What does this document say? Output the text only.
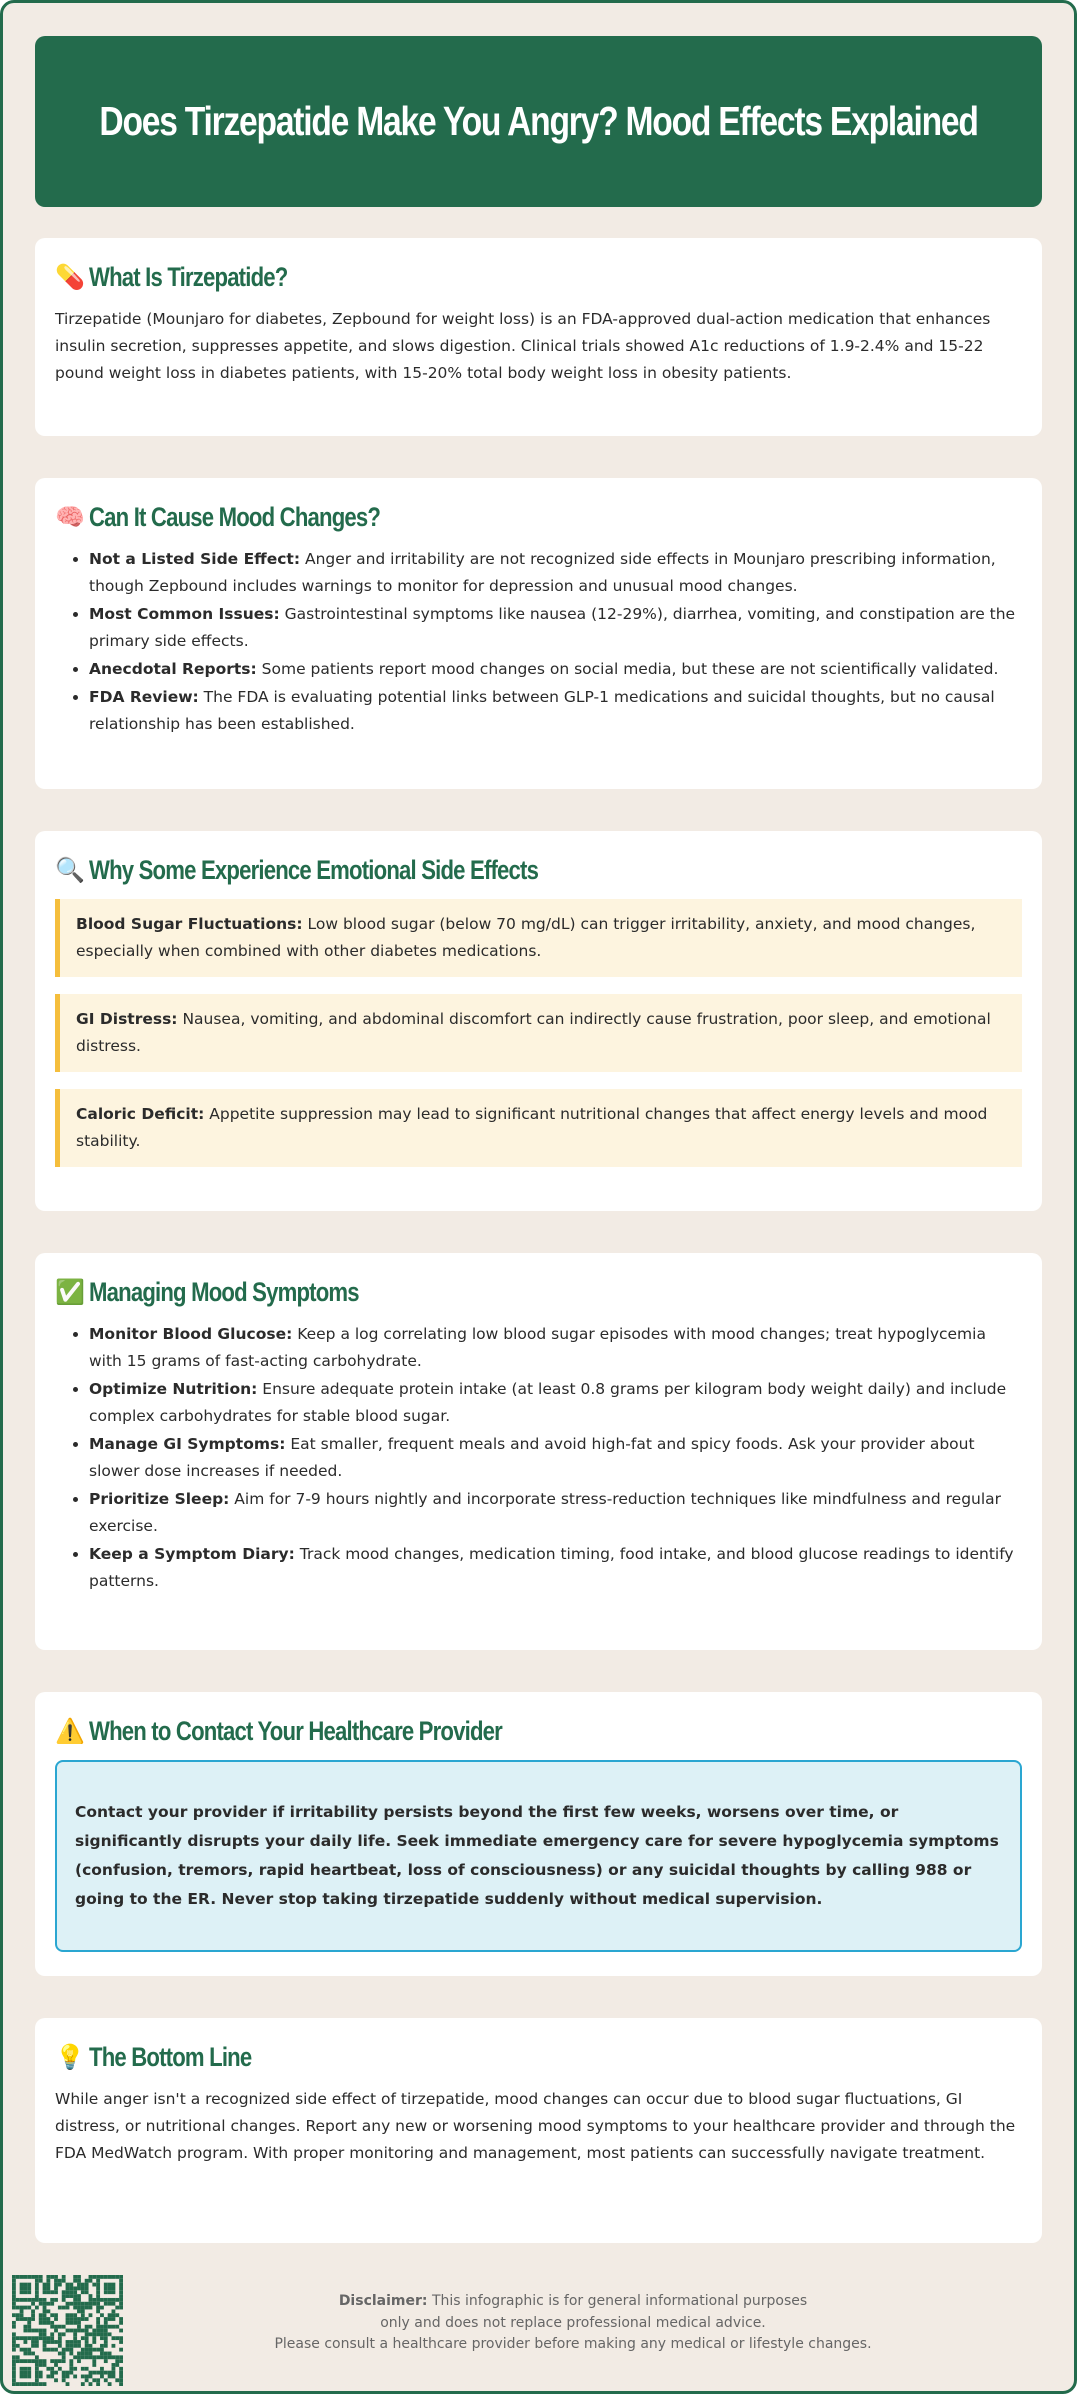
Does Tirzepatide Make You Angry? Mood Effects Explained
💊 What Is Tirzepatide?

Tirzepatide (Mounjaro for diabetes, Zepbound for weight loss) is an FDA-approved dual-action medication that enhances insulin secretion, suppresses appetite, and slows digestion. Clinical trials showed A1c reductions of 1.9-2.4% and 15-22 pound weight loss in diabetes patients, with 15-20% total body weight loss in obesity patients.

🧠 Can It Cause Mood Changes?
• Not a Listed Side Effect: Anger and irritability are not recognized side effects in Mounjaro prescribing information, though Zepbound includes warnings to monitor for depression and unusual mood changes.
• Most Common Issues: Gastrointestinal symptoms like nausea (12-29%), diarrhea, vomiting, and constipation are the primary side effects.
• Anecdotal Reports: Some patients report mood changes on social media, but these are not scientifically validated.
• FDA Review: The FDA is evaluating potential links between GLP-1 medications and suicidal thoughts, but no causal relationship has been established.
🔍 Why Some Experience Emotional Side Effects
Blood Sugar Fluctuations: Low blood sugar (below 70 mg/dL) can trigger irritability, anxiety, and mood changes, especially when combined with other diabetes medications.
GI Distress: Nausea, vomiting, and abdominal discomfort can indirectly cause frustration, poor sleep, and emotional distress.
Caloric Deficit: Appetite suppression may lead to significant nutritional changes that affect energy levels and mood stability.
✅ Managing Mood Symptoms
• Monitor Blood Glucose: Keep a log correlating low blood sugar episodes with mood changes; treat hypoglycemia with 15 grams of fast-acting carbohydrate.
• Optimize Nutrition: Ensure adequate protein intake (at least 0.8 grams per kilogram body weight daily) and include complex carbohydrates for stable blood sugar.
• Manage GI Symptoms: Eat smaller, frequent meals and avoid high-fat and spicy foods. Ask your provider about slower dose increases if needed.
• Prioritize Sleep: Aim for 7-9 hours nightly and incorporate stress-reduction techniques like mindfulness and regular exercise.
• Keep a Symptom Diary: Track mood changes, medication timing, food intake, and blood glucose readings to identify patterns.
⚠️ When to Contact Your Healthcare Provider
Contact your provider if irritability persists beyond the first few weeks, worsens over time, or significantly disrupts your daily life. Seek immediate emergency care for severe hypoglycemia symptoms (confusion, tremors, rapid heartbeat, loss of consciousness) or any suicidal thoughts by calling 988 or going to the ER. Never stop taking tirzepatide suddenly without medical supervision.
💡 The Bottom Line

While anger isn't a recognized side effect of tirzepatide, mood changes can occur due to blood sugar fluctuations, GI distress, or nutritional changes. Report any new or worsening mood symptoms to your healthcare provider and through the FDA MedWatch program. With proper monitoring and management, most patients can successfully navigate treatment.

Disclaimer: This infographic is for general informational purposes
only and does not replace professional medical advice.
Please consult a healthcare provider before making any medical or lifestyle changes.
